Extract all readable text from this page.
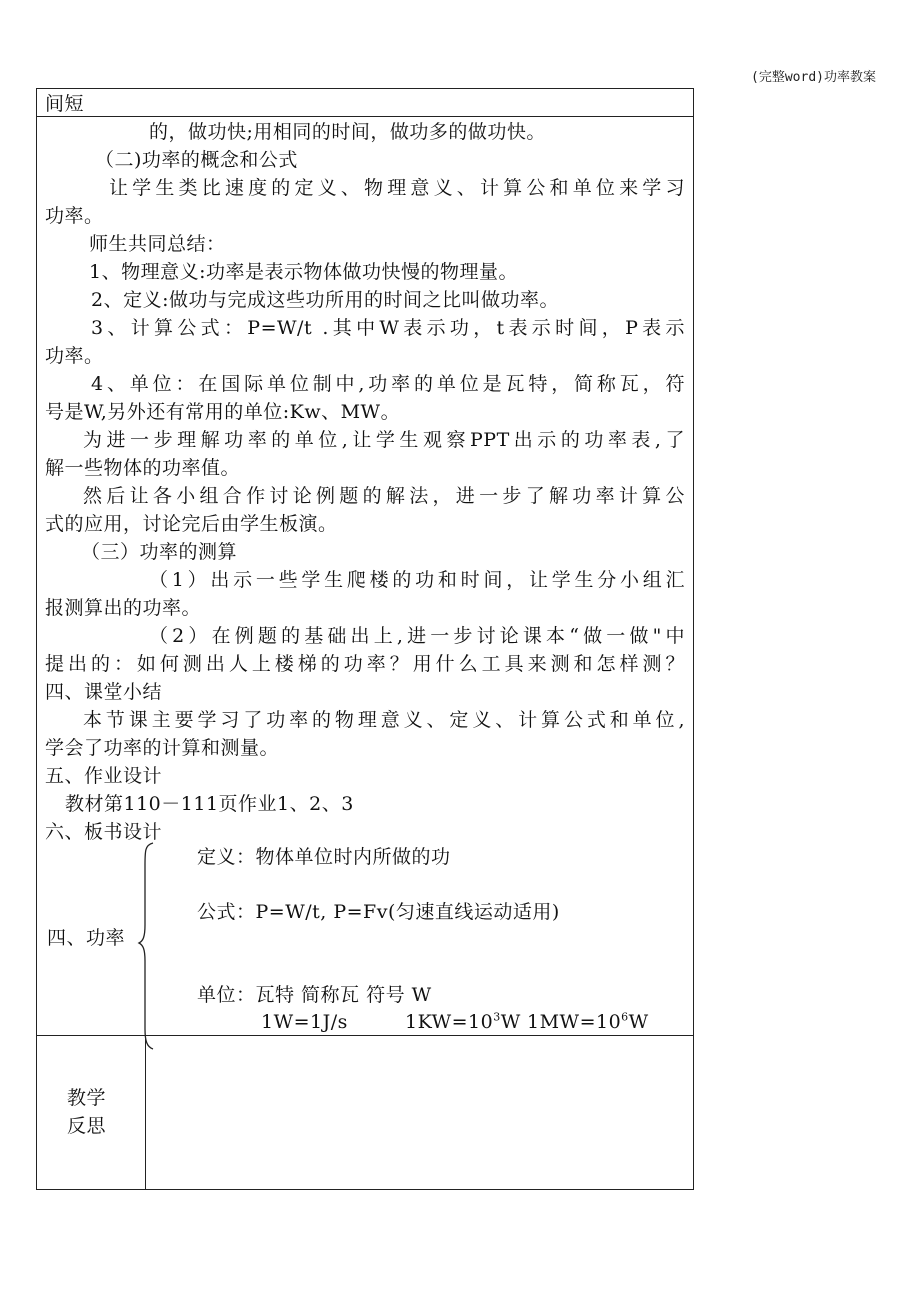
(完整word)功率教案
间短
的，做功快;用相同的时间，做功多的做功快。
（二)功率的概念和公式
让学生类比速度的定义、物理意义、计算公和单位来学习
功率。
师生共同总结：
1、物理意义:功率是表示物体做功快慢的物理量。
2、定义:做功与完成这些功所用的时间之比叫做功率。
3、计算公式：P=W/t .其中W表示功，t表示时间，P表示
功率。
4、单位：在国际单位制中,功率的单位是瓦特，简称瓦，符
号是W,另外还有常用的单位:Kw、MW。
为进一步理解功率的单位,让学生观察PPT出示的功率表,了
解一些物体的功率值。
然后让各小组合作讨论例题的解法，进一步了解功率计算公
式的应用，讨论完后由学生板演。
（三）功率的测算
（1）出示一些学生爬楼的功和时间，让学生分小组汇
报测算出的功率。
（2）在例题的基础出上,进一步讨论课本“做一做"中
提出的：如何测出人上楼梯的功率？用什么工具来测和怎样测？
四、课堂小结
本节课主要学习了功率的物理意义、定义、计算公式和单位,
学会了功率的计算和测量。
五、作业设计
教材第110－111页作业1、2、3
六、板书设计
四、功率
定义：物体单位时内所做的功
公式：P=W/t, P=Fv(匀速直线运动适用)
单位：瓦特 简称瓦 符号 W
1W=1J/s	$1KW=10^3W$ $1MW=10^6W$
教学
反思
